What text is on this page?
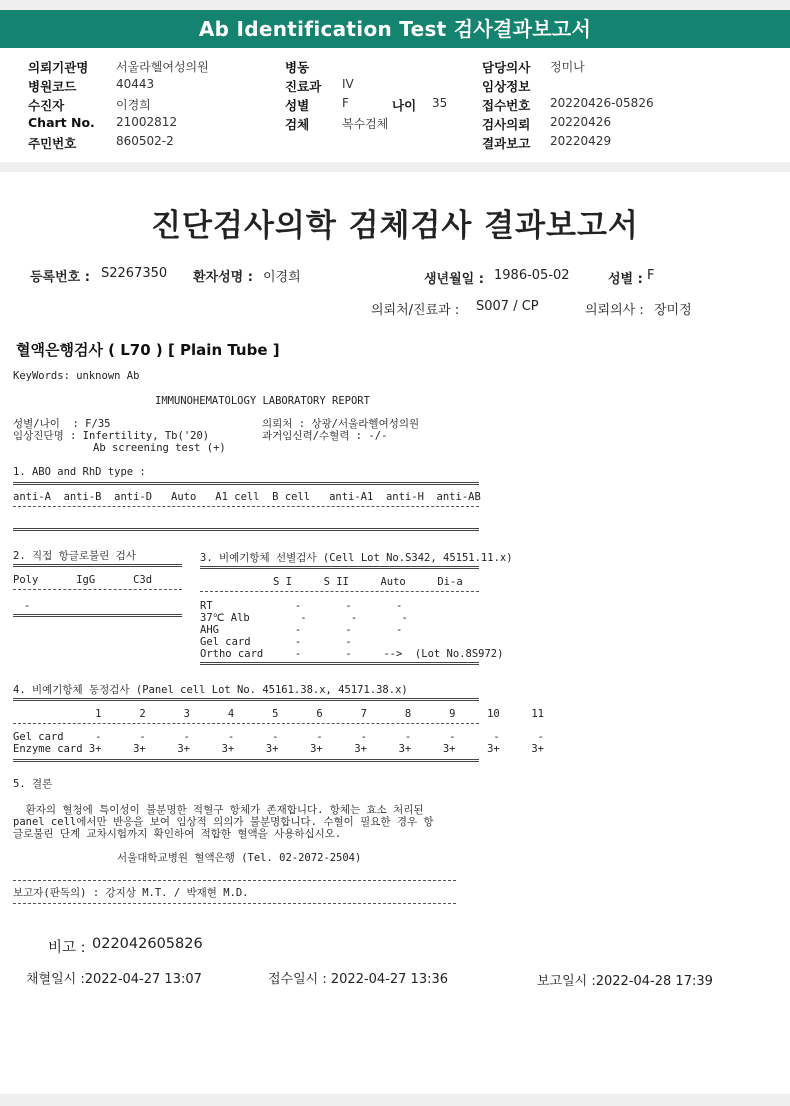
Ab Identification Test 검사결과보고서
의뢰기관명 서울라헬여성의원	병동	담당의사 정미나
병원코드	40443	진료과 IV	임상정보
수진자	이경희	성별	F	나이 35	접수번호 20220426-05826
Chart No. 21002812	검체	복수검체	검사의뢰 20220426
주민번호	860502-2	결과보고 20220429
진단검사의학 검체검사 결과보고서
등록번호 : S2267350 환자성명 : 이경희	생년월일 : 1986-05-02	성별 : F
의뢰처/진료과 : S007 / CP	의뢰의사 : 장미정
혈액은행검사 ( L70 ) [ Plain Tube ]
KeyWords: unknown Ab
IMMUNOHEMATOLOGY LABORATORY REPORT
성별/나이  : F/35
임상진단명 : Infertility, Tb('20)
Ab screening test (+)
의뢰처 : 상광/서울라헬여성의원
과거임신력/수혈력 : -/-
1. ABO and RhD type :
anti-A  anti-B  anti-D   Auto   A1 cell  B cell   anti-A1  anti-H  anti-AB
2. 직접 항글로불린 검사
Poly      IgG      C3d
-
3. 비예기항체 선별검사 (Cell Lot No.S342, 45151.11.x)
S I     S II     Auto     Di-a
RT             -       -       -
37℃ Alb        -       -       -
AHG            -       -       -
Gel card       -       -
Ortho card     -       -     -->  (Lot No.8S972)
4. 비예기항체 동정검사 (Panel cell Lot No. 45161.38.x, 45171.38.x)
1      2      3      4      5      6      7      8      9     10     11
Gel card     -      -      -      -      -      -      -      -      -      -      -
Enzyme card 3+     3+     3+     3+     3+     3+     3+     3+     3+     3+     3+
5. 결론
환자의 혈청에 특이성이 불분명한 적혈구 항체가 존재합니다. 항체는 효소 처리된
panel cell에서만 반응을 보여 임상적 의의가 불분명합니다. 수혈이 필요한 경우 항
글로불린 단계 교차시험까지 확인하여 적합한 혈액을 사용하십시오.
서울대학교병원 혈액은행 (Tel. 02-2072-2504)
보고자(판독의) : 강지상 M.T. / 박재현 M.D.
비고 : 022042605826
채혈일시 :2022-04-27 13:07	접수일시 : 2022-04-27 13:36	보고일시 :2022-04-28 17:39
